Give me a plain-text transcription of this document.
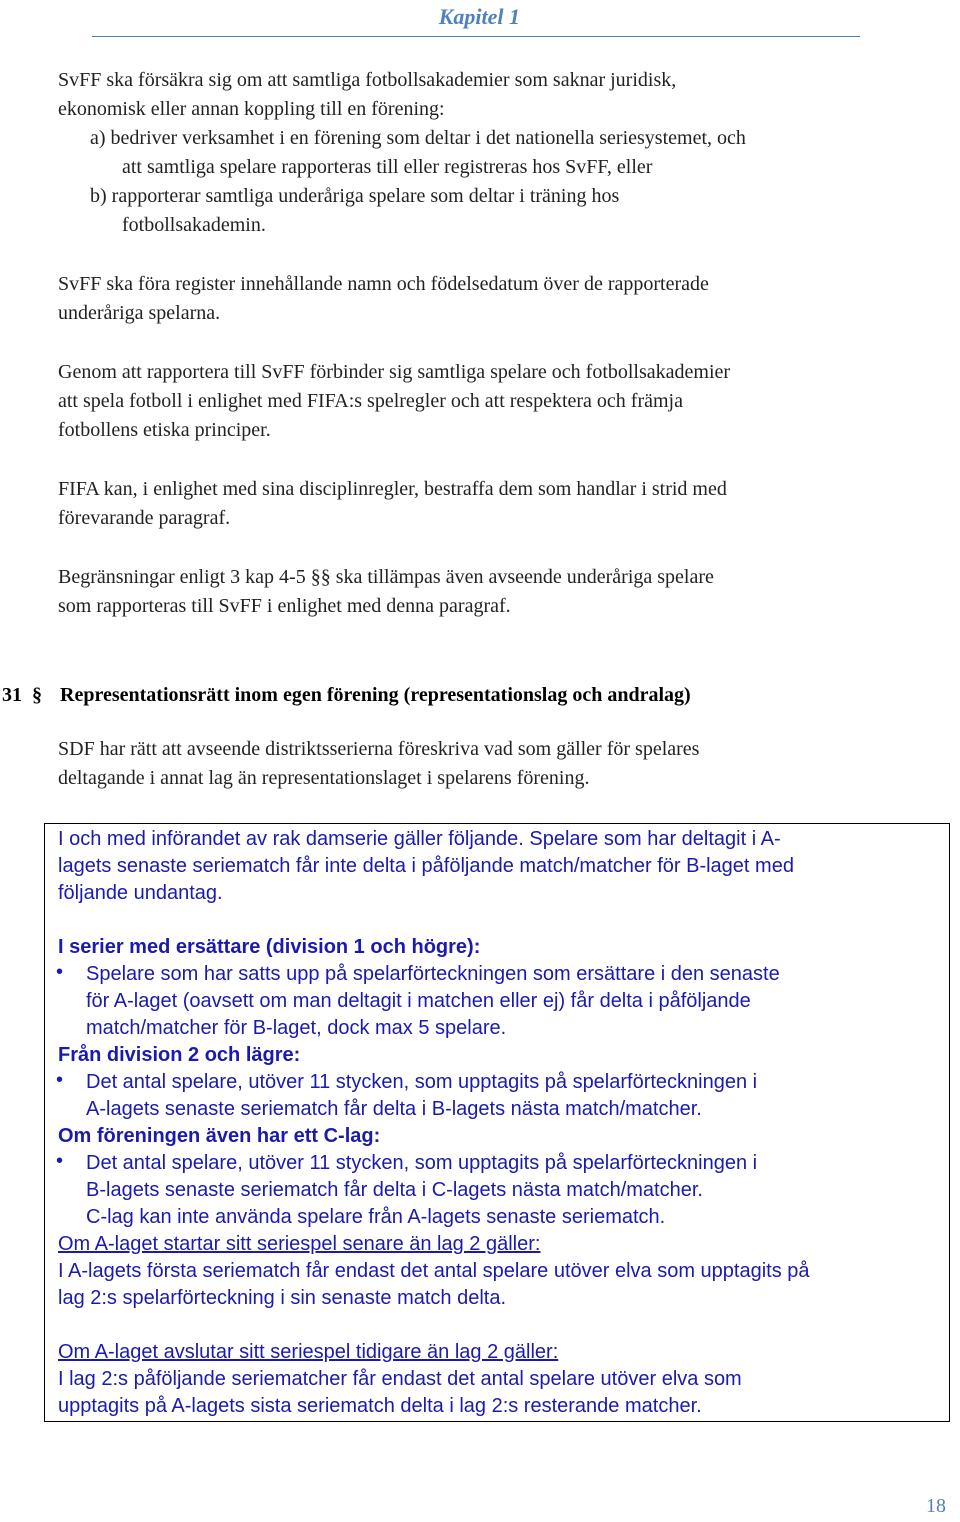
Kapitel 1
SvFF ska försäkra sig om att samtliga fotbollsakademier som saknar juridisk,
ekonomisk eller annan koppling till en förening:
a) bedriver verksamhet i en förening som deltar i det nationella seriesystemet, och
att samtliga spelare rapporteras till eller registreras hos SvFF, eller
b) rapporterar samtliga underåriga spelare som deltar i träning hos
fotbollsakademin.
SvFF ska föra register innehållande namn och födelsedatum över de rapporterade
underåriga spelarna.
Genom att rapportera till SvFF förbinder sig samtliga spelare och fotbollsakademier
att spela fotboll i enlighet med FIFA:s spelregler och att respektera och främja
fotbollens etiska principer.
FIFA kan, i enlighet med sina disciplinregler, bestraffa dem som handlar i strid med
förevarande paragraf.
Begränsningar enligt 3 kap 4-5 §§ ska tillämpas även avseende underåriga spelare
som rapporteras till SvFF i enlighet med denna paragraf.
31 § Representationsrätt inom egen förening (representationslag och andralag)
SDF har rätt att avseende distriktsserierna föreskriva vad som gäller för spelares
deltagande i annat lag än representationslaget i spelarens förening.
I och med införandet av rak damserie gäller följande. Spelare som har deltagit i A-
lagets senaste seriematch får inte delta i påföljande match/matcher för B-laget med
följande undantag.
I serier med ersättare (division 1 och högre):
• Spelare som har satts upp på spelarförteckningen som ersättare i den senaste
för A-laget (oavsett om man deltagit i matchen eller ej) får delta i påföljande
match/matcher för B-laget, dock max 5 spelare.
Från division 2 och lägre:
• Det antal spelare, utöver 11 stycken, som upptagits på spelarförteckningen i
A-lagets senaste seriematch får delta i B-lagets nästa match/matcher.
Om föreningen även har ett C-lag:
• Det antal spelare, utöver 11 stycken, som upptagits på spelarförteckningen i
B-lagets senaste seriematch får delta i C-lagets nästa match/matcher.
C-lag kan inte använda spelare från A-lagets senaste seriematch.
Om A-laget startar sitt seriespel senare än lag 2 gäller:
I A-lagets första seriematch får endast det antal spelare utöver elva som upptagits på
lag 2:s spelarförteckning i sin senaste match delta.
Om A-laget avslutar sitt seriespel tidigare än lag 2 gäller:
I lag 2:s påföljande seriematcher får endast det antal spelare utöver elva som
upptagits på A-lagets sista seriematch delta i lag 2:s resterande matcher.
18
